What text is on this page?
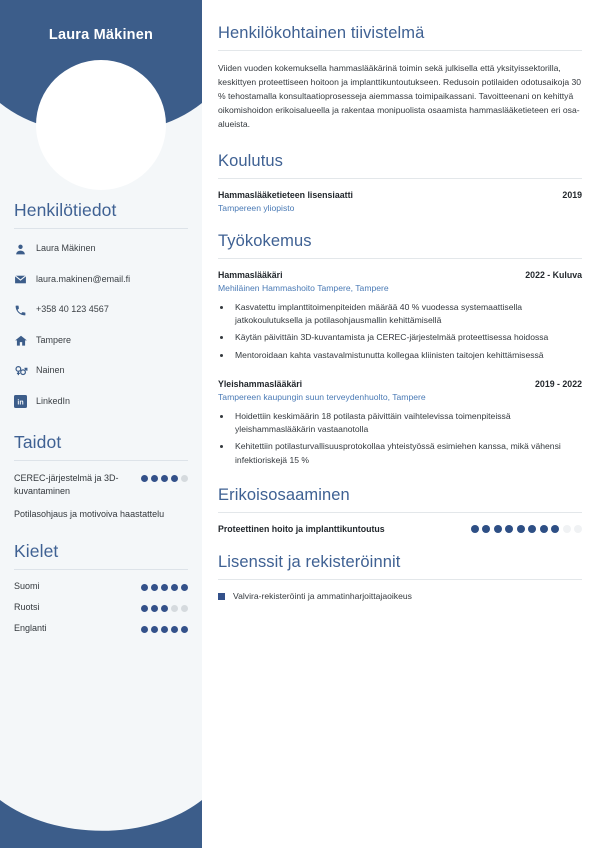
Laura Mäkinen
Henkilötiedot
Laura Mäkinen
laura.makinen@email.fi
+358 40 123 4567
Tampere
Nainen
in LinkedIn
Taidot
CEREC-järjestelmä ja 3D-kuvantaminen
Potilasohjaus ja motivoiva haastattelu
Kielet
Suomi
Ruotsi
Englanti
Henkilökohtainen tiivistelmä

Viiden vuoden kokemuksella hammaslääkärinä toimin sekä julkisella että yksityissektorilla, keskittyen proteettiseen hoitoon ja implanttikuntoutukseen. Redusoin potilaiden odotusaikoja 30 % tehostamalla konsultaatioprosesseja aiemmassa toimipaikassani. Tavoitteenani on kehittyä oikomishoidon erikoisalueella ja rakentaa monipuolista osaamista hammaslääketieteen eri osa-alueista.

Koulutus
Hammaslääketieteen lisensiaatti	2019
Tampereen yliopisto
Työkokemus
Hammaslääkäri	2022 - Kuluva
Mehiläinen Hammashoito Tampere, Tampere
• Kasvatettu implanttitoimenpiteiden määrää 40 % vuodessa systemaattisella jatkokoulutuksella ja potilasohjausmallin kehittämisellä
• Käytän päivittäin 3D-kuvantamista ja CEREC-järjestelmää proteettisessa hoidossa
• Mentoroidaan kahta vastavalmistunutta kollegaa kliinisten taitojen kehittämisessä
Yleishammaslääkäri	2019 - 2022
Tampereen kaupungin suun terveydenhuolto, Tampere
• Hoidettiin keskimäärin 18 potilasta päivittäin vaihtelevissa toimenpiteissä yleishammaslääkärin vastaanotolla
• Kehitettiin potilasturvallisuusprotokollaa yhteistyössä esimiehen kanssa, mikä vähensi infektioriskejä 15 %
Erikoisosaaminen
Proteettinen hoito ja implanttikuntoutus
Lisenssit ja rekisteröinnit
Valvira-rekisteröinti ja ammatinharjoittajaoikeus
